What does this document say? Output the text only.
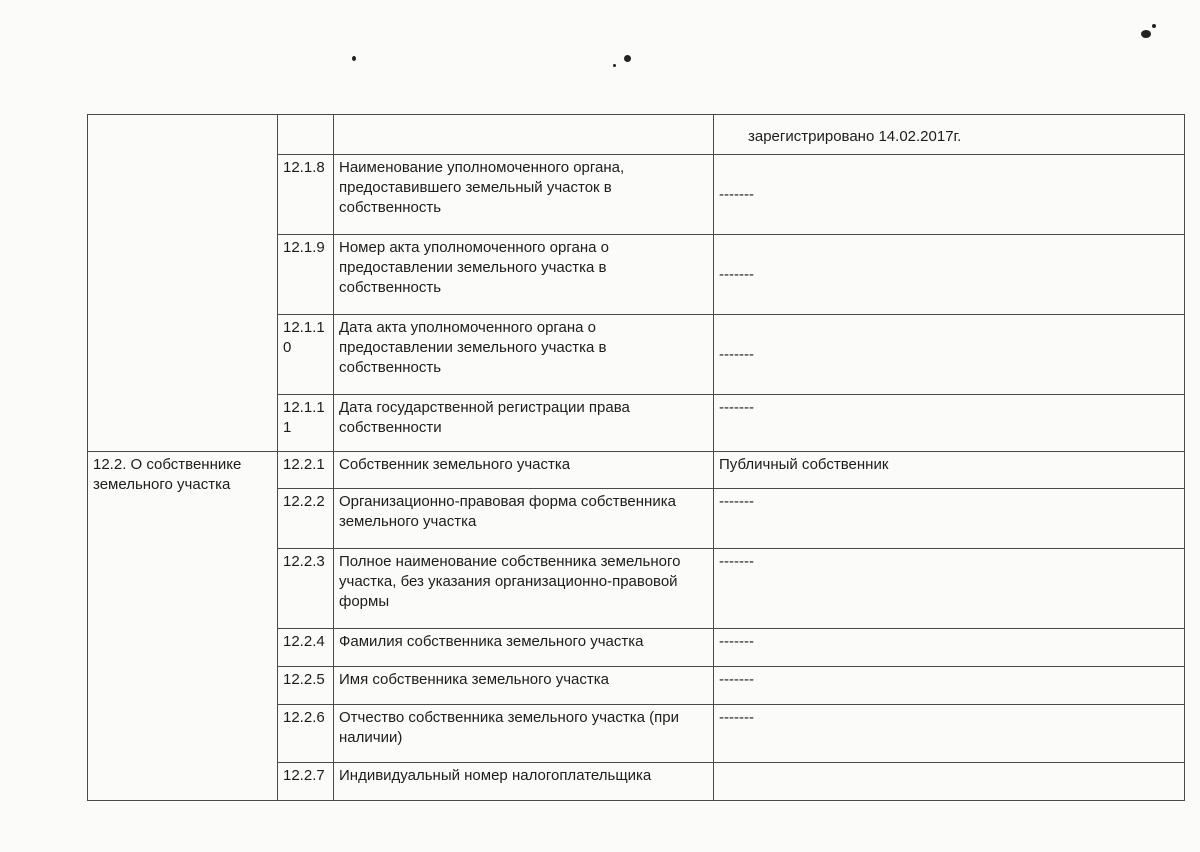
			зарегистрировано 14.02.2017г.
	12.1.8	Наименование уполномоченного органа, предоставившего земельный участок в собственность	-------
	12.1.9	Номер акта уполномоченного органа о предоставлении земельного участка в собственность	-------
	12.1.1 0	Дата акта уполномоченного органа о предоставлении земельного участка в собственность	-------
	12.1.1 1	Дата государственной регистрации права собственности	-------
12.2. О собственнике земельного участка	12.2.1	Собственник земельного участка	Публичный собственник
	12.2.2	Организационно-правовая форма собственника земельного участка	-------
	12.2.3	Полное наименование собственника земельного участка, без указания организационно-правовой формы	-------
	12.2.4	Фамилия собственника земельного участка	-------
	12.2.5	Имя собственника земельного участка	-------
	12.2.6	Отчество собственника земельного участка (при наличии)	-------
	12.2.7	Индивидуальный номер налогоплательщика	
